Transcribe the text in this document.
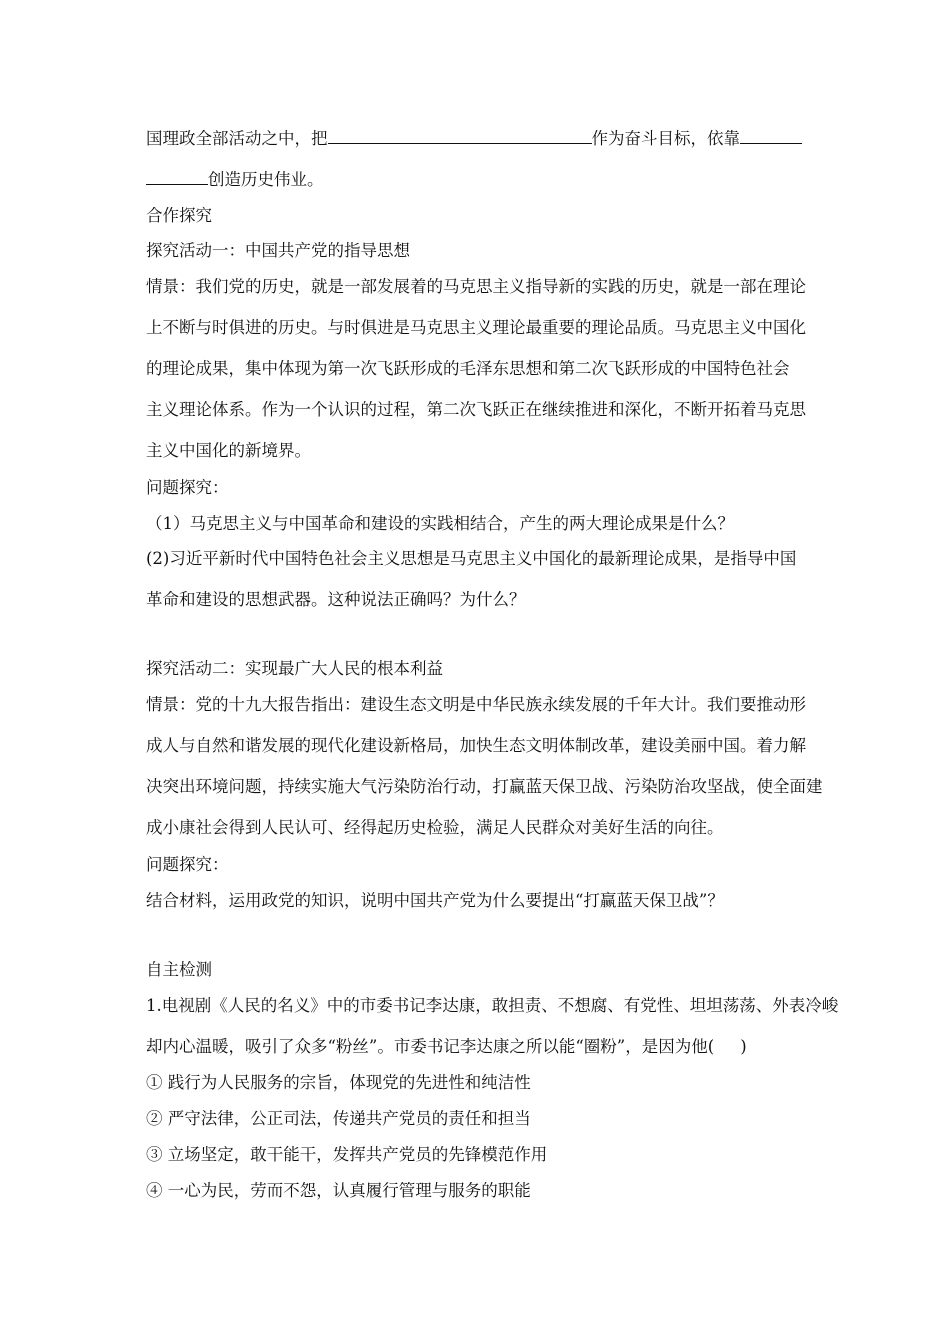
国理政全部活动之中，把	作为奋斗目标，依靠
创造历史伟业。
合作探究
探究活动一：中国共产党的指导思想
情景：我们党的历史，就是一部发展着的马克思主义指导新的实践的历史，就是一部在理论
上不断与时俱进的历史。与时俱进是马克思主义理论最重要的理论品质。马克思主义中国化
的理论成果，集中体现为第一次飞跃形成的毛泽东思想和第二次飞跃形成的中国特色社会
主义理论体系。作为一个认识的过程，第二次飞跃正在继续推进和深化，不断开拓着马克思
主义中国化的新境界。
问题探究：
（1）马克思主义与中国革命和建设的实践相结合，产生的两大理论成果是什么？
(2)习近平新时代中国特色社会主义思想是马克思主义中国化的最新理论成果，是指导中国
革命和建设的思想武器。这种说法正确吗？为什么？
探究活动二：实现最广大人民的根本利益
情景：党的十九大报告指出：建设生态文明是中华民族永续发展的千年大计。我们要推动形
成人与自然和谐发展的现代化建设新格局，加快生态文明体制改革，建设美丽中国。着力解
决突出环境问题，持续实施大气污染防治行动，打赢蓝天保卫战、污染防治攻坚战，使全面建
成小康社会得到人民认可、经得起历史检验，满足人民群众对美好生活的向往。
问题探究：
结合材料，运用政党的知识，说明中国共产党为什么要提出“打赢蓝天保卫战”？
自主检测
1.电视剧《人民的名义》中的市委书记李达康，敢担责、不想腐、有党性、坦坦荡荡、外表冷峻
却内心温暖，吸引了众多“粉丝”。市委书记李达康之所以能“圈粉”，是因为他( )
① 践行为人民服务的宗旨，体现党的先进性和纯洁性
② 严守法律，公正司法，传递共产党员的责任和担当
③ 立场坚定，敢干能干，发挥共产党员的先锋模范作用
④ 一心为民，劳而不怨，认真履行管理与服务的职能
